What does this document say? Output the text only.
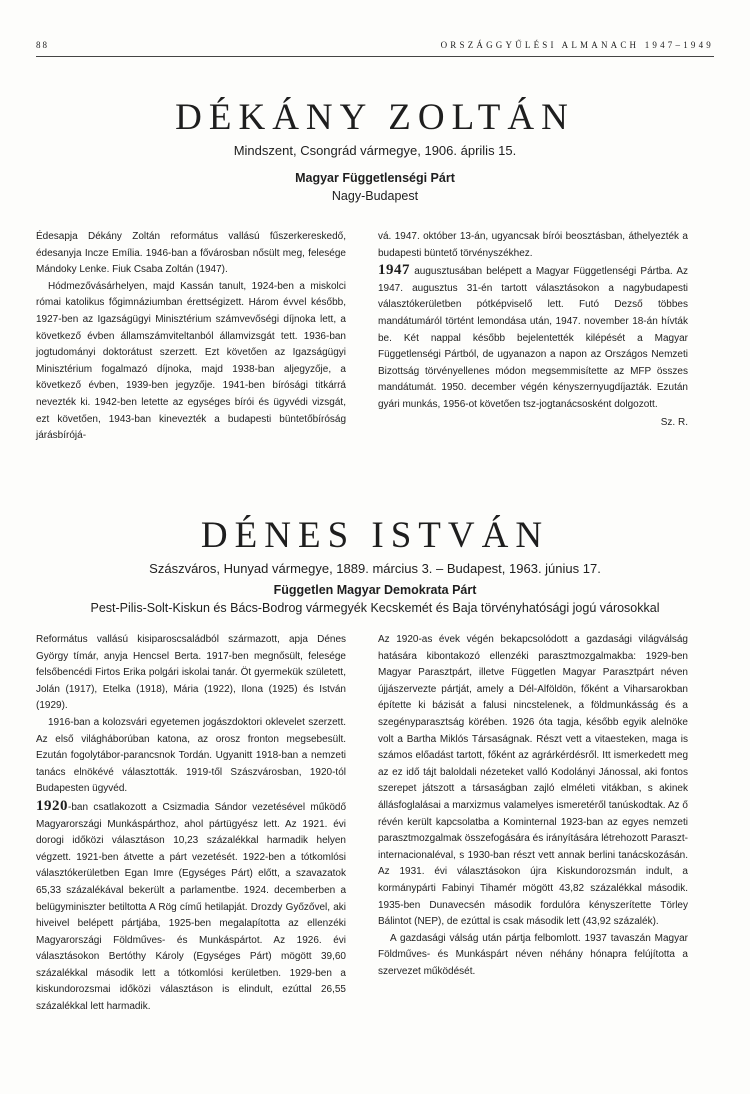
88	ORSZÁGGYŰLÉSI ALMANACH 1947–1949
DÉKÁNY ZOLTÁN
Mindszent, Csongrád vármegye, 1906. április 15.
Magyar Függetlenségi Párt
Nagy-Budapest

Édesapja Dékány Zoltán református vallású fűszerkereskedő, édesanyja Incze Emília. 1946-ban a fővárosban nősült meg, felesége Mándoky Lenke. Fiuk Csaba Zoltán (1947).

Hódmezővásárhelyen, majd Kassán tanult, 1924-ben a miskolci római katolikus főgimnáziumban érettségizett. Három évvel később, 1927-ben az Igazságügyi Minisztérium számvevőségi díjnoka lett, a következő évben államszámviteltanból államvizsgát tett. 1936-ban jogtudományi doktorátust szerzett. Ezt követően az Igazságügyi Minisztérium fogalmazó díjnoka, majd 1938-ban aljegyzője, a következő évben, 1939-ben jegyzője. 1941-ben bírósági titkárrá nevezték ki. 1942-ben letette az egységes bírói és ügyvédi vizsgát, ezt követően, 1943-ban kinevezték a budapesti büntetőbíróság járásbírójá-

vá. 1947. október 13-án, ugyancsak bírói beosztásban, áthelyezték a budapesti büntető törvényszékhez.

1947 augusztusában belépett a Magyar Függetlenségi Pártba. Az 1947. augusztus 31-én tartott választásokon a nagybudapesti választókerületben pótképviselő lett. Futó Dezső többes mandátumáról történt lemondása után, 1947. november 18-án hívták be. Két nappal később bejelentették kilépését a Magyar Függetlenségi Pártból, de ugyanazon a napon az Országos Nemzeti Bizottság törvényellenes módon megsemmisítette az MFP összes mandátumát. 1950. december végén kényszernyugdíjazták. Ezután gyári munkás, 1956-ot követően tsz-jogtanácsosként dolgozott.

Sz. R.
DÉNES ISTVÁN
Szászváros, Hunyad vármegye, 1889. március 3. – Budapest, 1963. június 17.
Független Magyar Demokrata Párt
Pest-Pilis-Solt-Kiskun és Bács-Bodrog vármegyék Kecskemét és Baja törvényhatósági jogú városokkal

Református vallású kisiparoscsaládból származott, apja Dénes György tímár, anyja Hencsel Berta. 1917-ben megnősült, felesége felsőbencédi Firtos Erika polgári iskolai tanár. Öt gyermekük született, Jolán (1917), Etelka (1918), Mária (1922), Ilona (1925) és István (1929).

1916-ban a kolozsvári egyetemen jogászdoktori oklevelet szerzett. Az első világháborúban katona, az orosz fronton megsebesült. Ezután fogolytábor-parancsnok Tordán. Ugyanitt 1918-ban a nemzeti tanács elnökévé választották. 1919-től Szászvárosban, 1920-tól Budapesten ügyvéd.

1920-ban csatlakozott a Csizmadia Sándor vezetésével működő Magyarországi Munkáspárthoz, ahol pártügyész lett. Az 1921. évi dorogi időközi választáson 10,23 százalékkal harmadik helyen végzett. 1921-ben átvette a párt vezetését. 1922-ben a tótkomlósi választókerületben Egan Imre (Egységes Párt) előtt, a szavazatok 65,33 százalékával bekerült a parlamentbe. 1924. decemberben a belügyminiszter betiltotta A Rög című hetilapját. Drozdy Győzővel, aki hiveivel belépett pártjába, 1925-ben megalapította az ellenzéki Magyarországi Földműves- és Munkáspártot. Az 1926. évi választásokon Bertóthy Károly (Egységes Párt) mögött 39,60 százalékkal második lett a tótkomlósi kerületben. 1929-ben a kiskundorozsmai időközi választáson is elindult, ezúttal 26,55 százalékkal lett harmadik.

Az 1920-as évek végén bekapcsolódott a gazdasági világválság hatására kibontakozó ellenzéki parasztmozgalmakba: 1929-ben Magyar Parasztpárt, illetve Független Magyar Parasztpárt néven újjászervezte pártját, amely a Dél-Alföldön, főként a Viharsarokban építette ki bázisát a falusi nincstelenek, a földmunkásság és a szegényparasztság körében. 1926 óta tagja, később egyik alelnöke volt a Bartha Miklós Társaságnak. Részt vett a vitaesteken, maga is számos előadást tartott, főként az agrárkérdésről. Itt ismerkedett meg az ez idő tájt baloldali nézeteket valló Kodolányi Jánossal, aki fontos szerepet játszott a társaságban zajló elméleti vitákban, s akinek állásfoglalásai a marxizmus valamelyes ismeretéről tanúskodtak. Az ő révén került kapcsolatba a Kominternal 1923-ban az egyes nemzeti parasztmozgalmak összefogására és irányítására létrehozott Paraszt-internacionaléval, s 1930-ban részt vett annak berlini tanácskozásán. Az 1931. évi választásokon újra Kiskundorozsmán indult, a kormánypárti Fabinyi Tihamér mögött 43,82 százalékkal második. 1935-ben Dunavecsén második fordulóra kényszerítette Törley Bálintot (NEP), de ezúttal is csak második lett (43,92 százalék).

A gazdasági válság után pártja felbomlott. 1937 tavaszán Magyar Földműves- és Munkáspárt néven néhány hónapra felújította a szervezet működését.
